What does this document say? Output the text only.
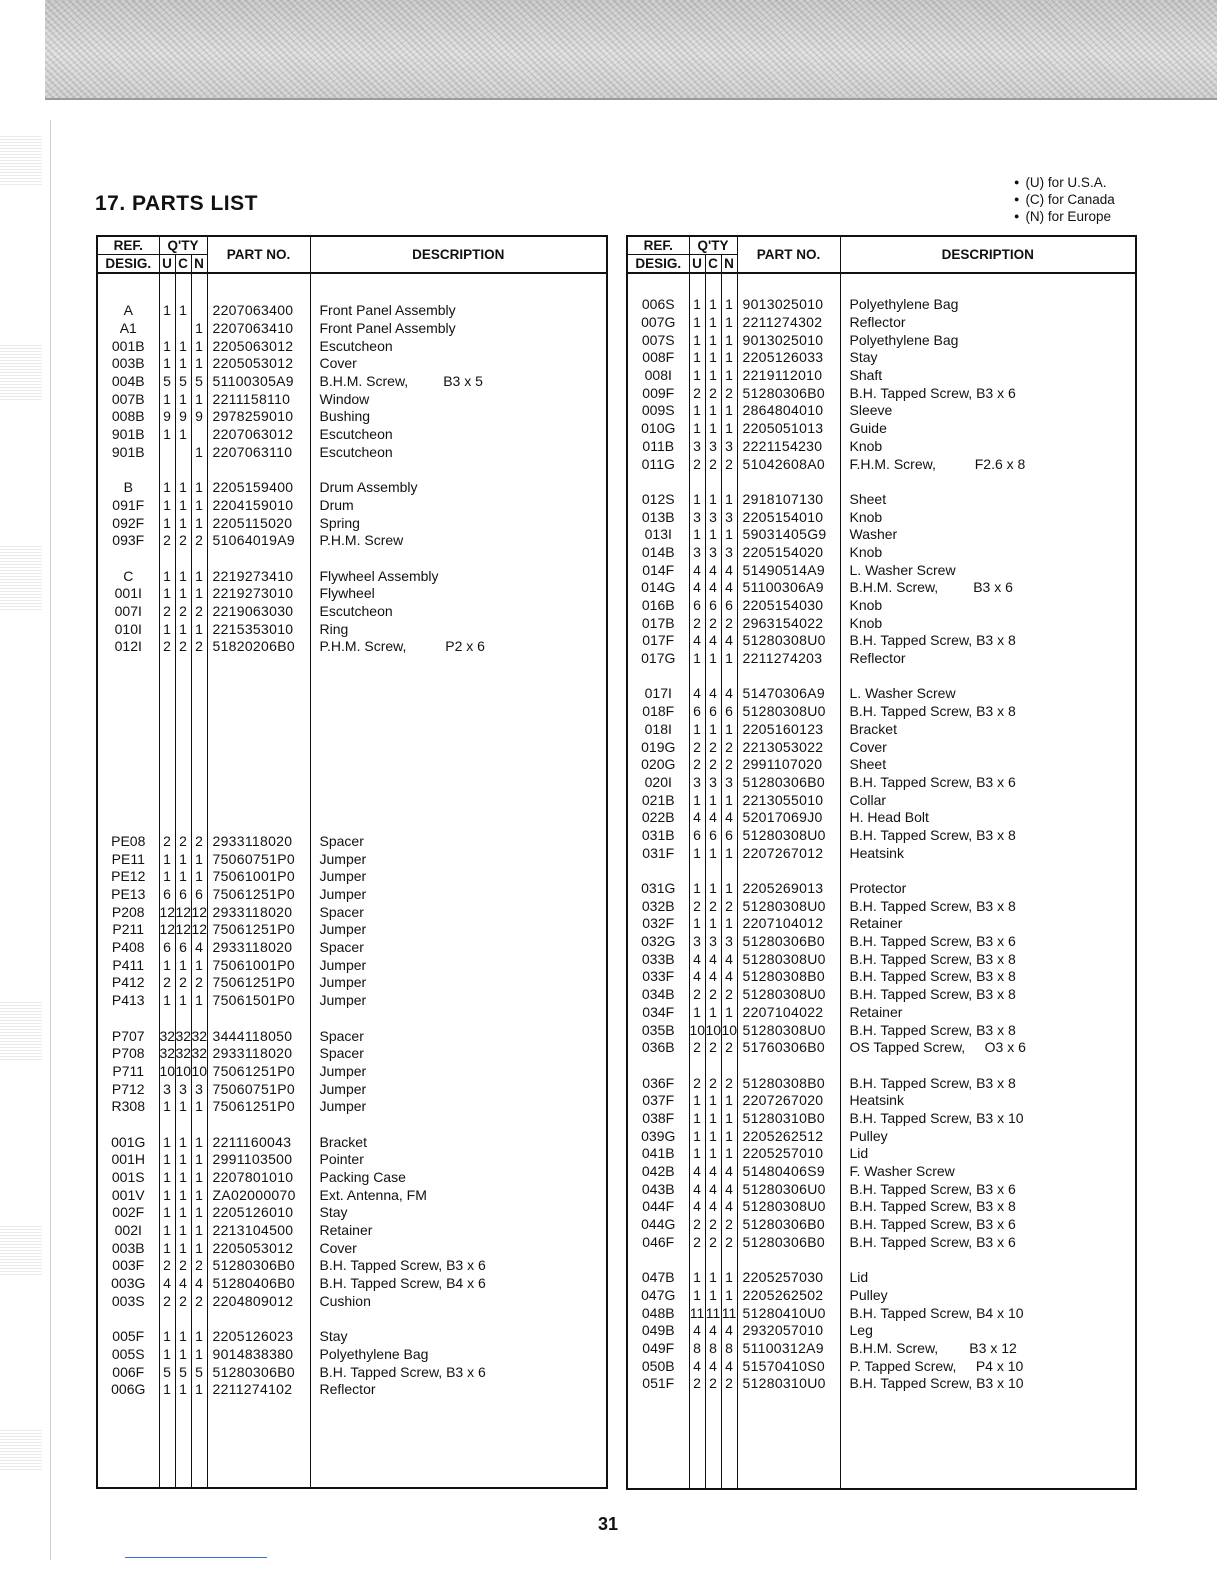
17. PARTS LIST
● (U) for U.S.A.
● (C) for Canada
● (N) for Europe
REF.	Q'TY			PART NO.	DESCRIPTION
DESIG.	U	C	N		

A	1	1		2207063400	Front Panel Assembly
A1			1	2207063410	Front Panel Assembly
001B	1	1	1	2205063012	Escutcheon
003B	1	1	1	2205053012	Cover
004B	5	5	5	51100305A9	B.H.M. Screw,         B3 x 5
007B	1	1	1	2211158110	Window
008B	9	9	9	2978259010	Bushing
901B	1	1		2207063012	Escutcheon
901B			1	2207063110	Escutcheon

B	1	1	1	2205159400	Drum Assembly
091F	1	1	1	2204159010	Drum
092F	1	1	1	2205115020	Spring
093F	2	2	2	51064019A9	P.H.M. Screw

C	1	1	1	2219273410	Flywheel Assembly
001I	1	1	1	2219273010	Flywheel
007I	2	2	2	2219063030	Escutcheon
010I	1	1	1	2215353010	Ring
012I	2	2	2	51820206B0	P.H.M. Screw,          P2 x 6

PE08	2	2	2	2933118020	Spacer
PE11	1	1	1	75060751P0	Jumper
PE12	1	1	1	75061001P0	Jumper
PE13	6	6	6	75061251P0	Jumper
P208	12	12	12	2933118020	Spacer
P211	12	12	12	75061251P0	Jumper
P408	6	6	4	2933118020	Spacer
P411	1	1	1	75061001P0	Jumper
P412	2	2	2	75061251P0	Jumper
P413	1	1	1	75061501P0	Jumper

P707	32	32	32	3444118050	Spacer
P708	32	32	32	2933118020	Spacer
P711	10	10	10	75061251P0	Jumper
P712	3	3	3	75060751P0	Jumper
R308	1	1	1	75061251P0	Jumper

001G	1	1	1	2211160043	Bracket
001H	1	1	1	2991103500	Pointer
001S	1	1	1	2207801010	Packing Case
001V	1	1	1	ZA02000070	Ext. Antenna, FM
002F	1	1	1	2205126010	Stay
002I	1	1	1	2213104500	Retainer
003B	1	1	1	2205053012	Cover
003F	2	2	2	51280306B0	B.H. Tapped Screw, B3 x 6
003G	4	4	4	51280406B0	B.H. Tapped Screw, B4 x 6
003S	2	2	2	2204809012	Cushion

005F	1	1	1	2205126023	Stay
005S	1	1	1	9014838380	Polyethylene Bag
006F	5	5	5	51280306B0	B.H. Tapped Screw, B3 x 6
006G	1	1	1	2211274102	Reflector

REF.	Q'TY			PART NO.	DESCRIPTION
DESIG.	U	C	N		

006S	1	1	1	9013025010	Polyethylene Bag
007G	1	1	1	2211274302	Reflector
007S	1	1	1	9013025010	Polyethylene Bag
008F	1	1	1	2205126033	Stay
008I	1	1	1	2219112010	Shaft
009F	2	2	2	51280306B0	B.H. Tapped Screw, B3 x 6
009S	1	1	1	2864804010	Sleeve
010G	1	1	1	2205051013	Guide
011B	3	3	3	2221154230	Knob
011G	2	2	2	51042608A0	F.H.M. Screw,          F2.6 x 8

012S	1	1	1	2918107130	Sheet
013B	3	3	3	2205154010	Knob
013I	1	1	1	59031405G9	Washer
014B	3	3	3	2205154020	Knob
014F	4	4	4	51490514A9	L. Washer Screw
014G	4	4	4	51100306A9	B.H.M. Screw,         B3 x 6
016B	6	6	6	2205154030	Knob
017B	2	2	2	2963154022	Knob
017F	4	4	4	51280308U0	B.H. Tapped Screw, B3 x 8
017G	1	1	1	2211274203	Reflector

017I	4	4	4	51470306A9	L. Washer Screw
018F	6	6	6	51280308U0	B.H. Tapped Screw, B3 x 8
018I	1	1	1	2205160123	Bracket
019G	2	2	2	2213053022	Cover
020G	2	2	2	2991107020	Sheet
020I	3	3	3	51280306B0	B.H. Tapped Screw, B3 x 6
021B	1	1	1	2213055010	Collar
022B	4	4	4	52017069J0	H. Head Bolt
031B	6	6	6	51280308U0	B.H. Tapped Screw, B3 x 8
031F	1	1	1	2207267012	Heatsink

031G	1	1	1	2205269013	Protector
032B	2	2	2	51280308U0	B.H. Tapped Screw, B3 x 8
032F	1	1	1	2207104012	Retainer
032G	3	3	3	51280306B0	B.H. Tapped Screw, B3 x 6
033B	4	4	4	51280308U0	B.H. Tapped Screw, B3 x 8
033F	4	4	4	51280308B0	B.H. Tapped Screw, B3 x 8
034B	2	2	2	51280308U0	B.H. Tapped Screw, B3 x 8
034F	1	1	1	2207104022	Retainer
035B	10	10	10	51280308U0	B.H. Tapped Screw, B3 x 8
036B	2	2	2	51760306B0	OS Tapped Screw,     O3 x 6

036F	2	2	2	51280308B0	B.H. Tapped Screw, B3 x 8
037F	1	1	1	2207267020	Heatsink
038F	1	1	1	51280310B0	B.H. Tapped Screw, B3 x 10
039G	1	1	1	2205262512	Pulley
041B	1	1	1	2205257010	Lid
042B	4	4	4	51480406S9	F. Washer Screw
043B	4	4	4	51280306U0	B.H. Tapped Screw, B3 x 6
044F	4	4	4	51280308U0	B.H. Tapped Screw, B3 x 8
044G	2	2	2	51280306B0	B.H. Tapped Screw, B3 x 6
046F	2	2	2	51280306B0	B.H. Tapped Screw, B3 x 6

047B	1	1	1	2205257030	Lid
047G	1	1	1	2205262502	Pulley
048B	11	11	11	51280410U0	B.H. Tapped Screw, B4 x 10
049B	4	4	4	2932057010	Leg
049F	8	8	8	51100312A9	B.H.M. Screw,        B3 x 12
050B	4	4	4	51570410S0	P. Tapped Screw,     P4 x 10
051F	2	2	2	51280310U0	B.H. Tapped Screw, B3 x 10

31
